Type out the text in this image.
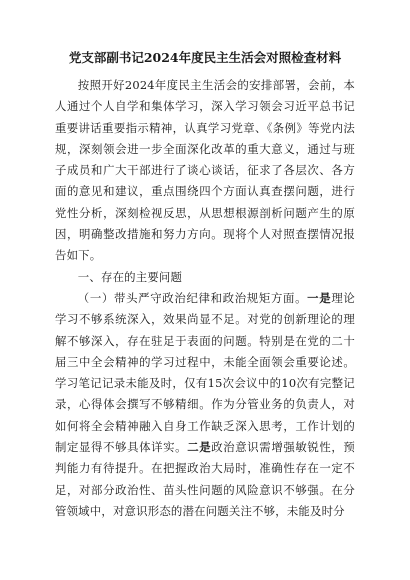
党支部副书记2024年度民主生活会对照检查材料

按照开好2024年度民主生活会的安排部署，会前，本人通过个人自学和集体学习，深入学习领会习近平总书记重要讲话重要指示精神，认真学习党章、《条例》等党内法规，深刻领会进一步全面深化改革的重大意义，通过与班子成员和广大干部进行了谈心谈话，征求了各层次、各方面的意见和建议，重点围绕四个方面认真查摆问题，进行党性分析，深刻检视反思，从思想根源剖析问题产生的原因，明确整改措施和努力方向。现将个人对照查摆情况报告如下。

一、存在的主要问题

（一）带头严守政治纪律和政治规矩方面。一是理论学习不够系统深入，效果尚显不足。对党的创新理论的理解不够深入，存在驻足于表面的问题。特别是在党的二十届三中全会精神的学习过程中，未能全面领会重要论述。学习笔记记录未能及时，仅有15次会议中的10次有完整记录，心得体会撰写不够精细。作为分管业务的负责人，对如何将全会精神融入自身工作缺乏深入思考，工作计划的制定显得不够具体详实。二是政治意识需增强敏锐性，预判能力有待提升。在把握政治大局时，准确性存在一定不足，对部分政治性、苗头性问题的风险意识不够强。在分管领域中，对意识形态的潜在问题关注不够，未能及时分
